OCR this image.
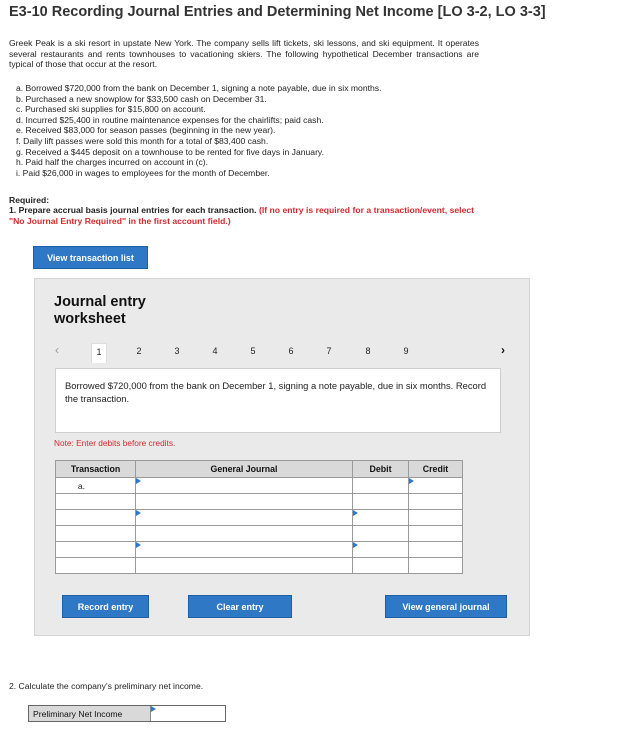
E3-10 Recording Journal Entries and Determining Net Income [LO 3-2, LO 3-3]

Greek Peak is a ski resort in upstate New York. The company sells lift tickets, ski lessons, and ski equipment. It operates several restaurants and rents townhouses to vacationing skiers. The following hypothetical December transactions are typical of those that occur at the resort.

a. Borrowed $720,000 from the bank on December 1, signing a note payable, due in six months.
b. Purchased a new snowplow for $33,500 cash on December 31.
c. Purchased ski supplies for $15,800 on account.
d. Incurred $25,400 in routine maintenance expenses for the chairlifts; paid cash.
e. Received $83,000 for season passes (beginning in the new year).
f. Daily lift passes were sold this month for a total of $83,400 cash.
g. Received a $445 deposit on a townhouse to be rented for five days in January.
h. Paid half the charges incurred on account in (c).
i. Paid $26,000 in wages to employees for the month of December.
Required:

1. Prepare accrual basis journal entries for each transaction. (If no entry is required for a transaction/event, select "No Journal Entry Required" in the first account field.)

View transaction list
Journal entry
worksheet
‹	1	2	3	4	5	6	7	8	9	›
Borrowed $720,000 from the bank on December 1, signing a note payable, due in six months. Record the transaction.
Note: Enter debits before credits.
Transaction	General Journal	Debit	Credit
a.	

Record entry	Clear entry	View general journal
2. Calculate the company's preliminary net income.
Preliminary Net Income
